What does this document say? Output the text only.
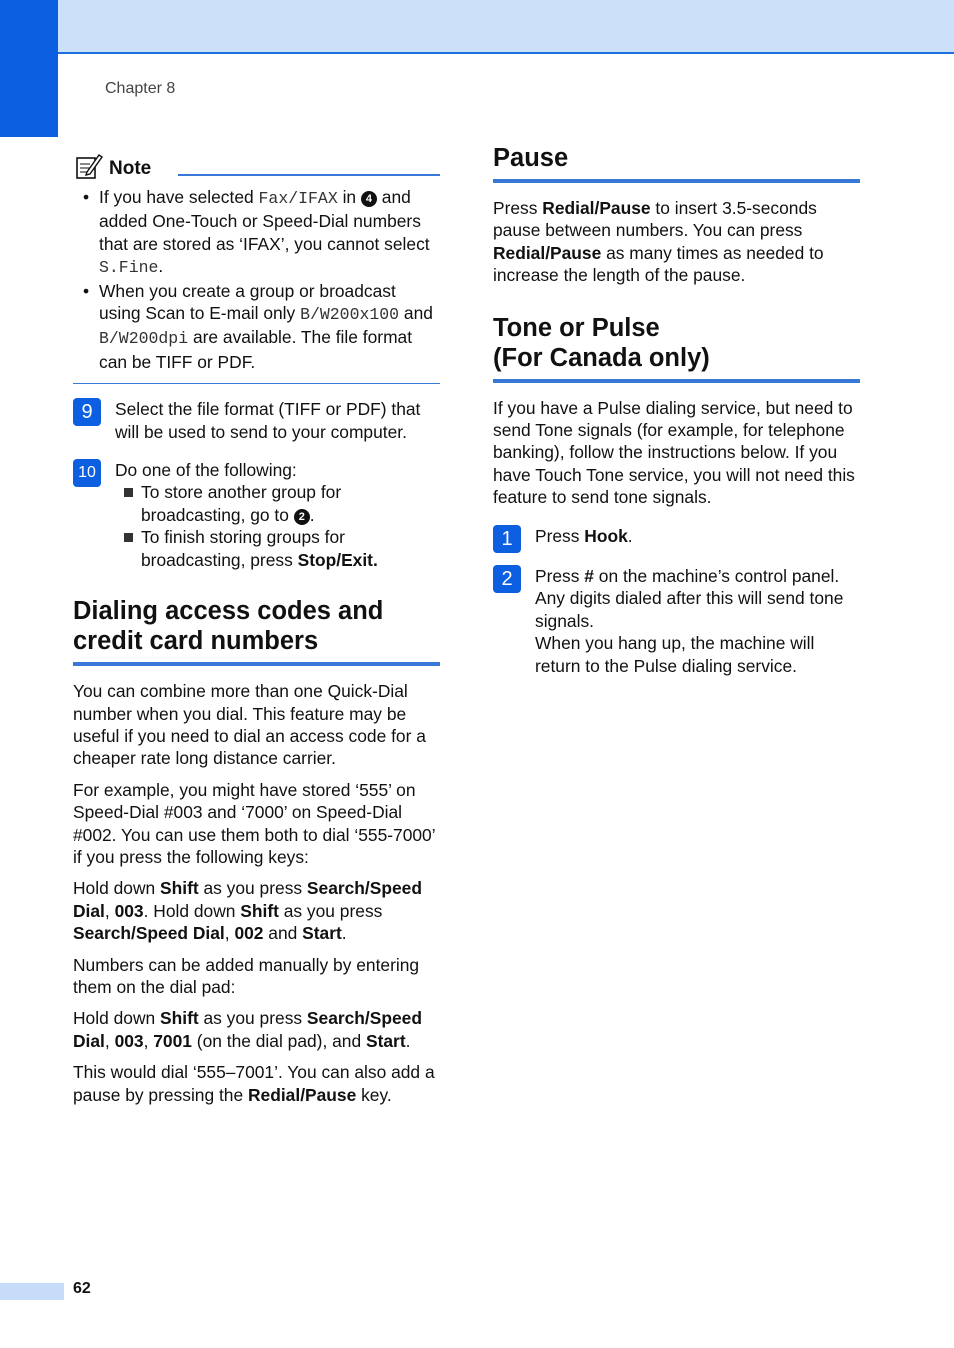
Chapter 8
Note
• If you have selected Fax/IFAX in 4 and added One-Touch or Speed-Dial numbers that are stored as ‘IFAX’, you cannot select S.Fine.
• When you create a group or broadcast using Scan to E-mail only B/W200x100 and B/W200dpi are available. The file format can be TIFF or PDF.
9	Select the file format (TIFF or PDF) that will be used to send to your computer.

10 Do one of the following:

To store another group for broadcasting, go to 2 .

To finish storing groups for broadcasting, press Stop/Exit.

Dialing access codes and
credit card numbers

You can combine more than one Quick-Dial number when you dial. This feature may be useful if you need to dial an access code for a cheaper rate long distance carrier.

For example, you might have stored ‘555’ on Speed-Dial #003 and ‘7000’ on Speed-Dial #002. You can use them both to dial ‘555-7000’ if you press the following keys:

Hold down Shift as you press Search/Speed Dial, 003. Hold down Shift as you press Search/Speed Dial, 002 and Start.

Numbers can be added manually by entering them on the dial pad:

Hold down Shift as you press Search/Speed Dial, 003, 7001 (on the dial pad), and Start.

This would dial ‘555–7001’. You can also add a pause by pressing the Redial/Pause key.

Pause

Press Redial/Pause to insert 3.5-seconds pause between numbers. You can press Redial/Pause as many times as needed to increase the length of the pause.

Tone or Pulse
(For Canada only)

If you have a Pulse dialing service, but need to send Tone signals (for example, for telephone banking), follow the instructions below. If you have Touch Tone service, you will not need this feature to send tone signals.

1	Press Hook.

2	Press # on the machine’s control panel. Any digits dialed after this will send tone signals.

When you hang up, the machine will return to the Pulse dialing service.

62
